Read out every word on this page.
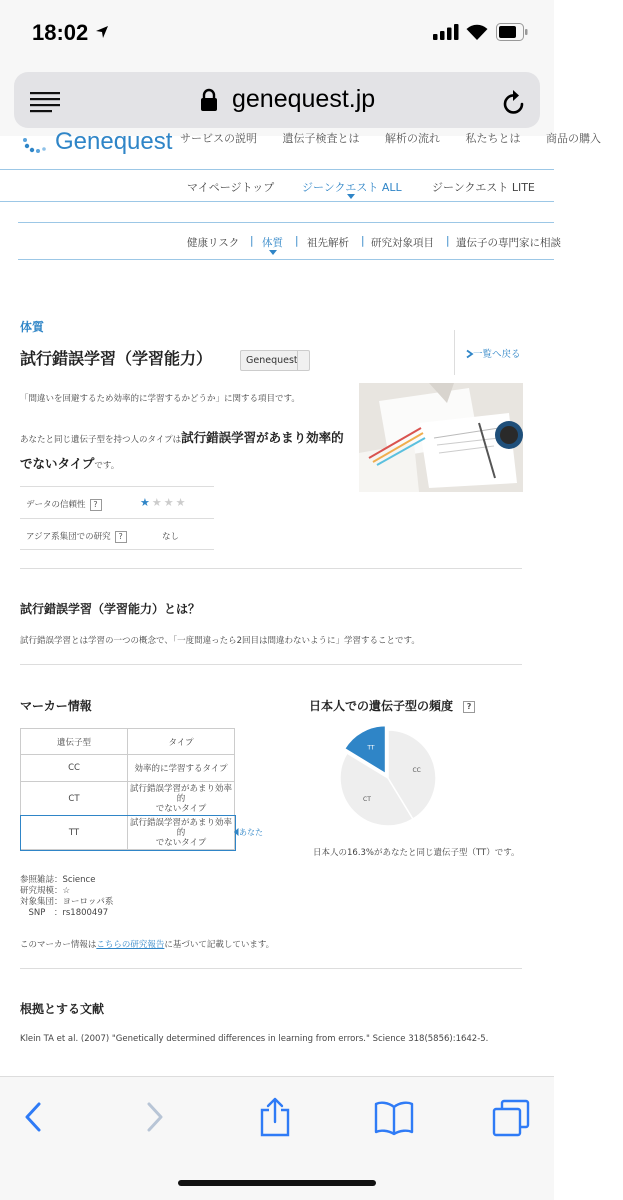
18:02
genequest.jp
Genequest サービスの説明 遺伝子検査とは 解析の流れ 私たちとは 商品の購入
マイページトップ	ジーンクエスト ALL	ジーンクエスト LITE
健康リスク | 体質 | 祖先解析 | 研究対象項目 | 遺伝子の専門家に相談
体質
試行錯誤学習（学習能力）	Genequest
一覧へ戻る
「間違いを回避するため効率的に学習するかどうか」に関する項目です。
あなたと同じ遺伝子型を持つ人のタイプは試行錯誤学習があまり効率的でないタイプです。
データの信頼性 ?	★★★★
アジア系集団での研究 ?	なし
試行錯誤学習（学習能力）とは？
試行錯誤学習とは学習の一つの概念で、「一度間違ったら2回目は間違わないように」学習することです。
マーカー情報
遺伝子型	タイプ
CC	効率的に学習するタイプ
CT	試行錯誤学習があまり効率的
でないタイプ
TT	試行錯誤学習があまり効率的
でないタイプ
あなた
参照雑誌：Science
研究規模：☆
対象集団：ヨーロッパ系
　SNP　：rs1800497
このマーカー情報はこちらの研究報告に基づいて記載しています。
日本人での遺伝子型の頻度 ?
TT
CT
CC
日本人の16.3%があなたと同じ遺伝子型（TT）です。
根拠とする文献
Klein TA et al. (2007) "Genetically determined differences in learning from errors." Science 318(5856):1642-5.
